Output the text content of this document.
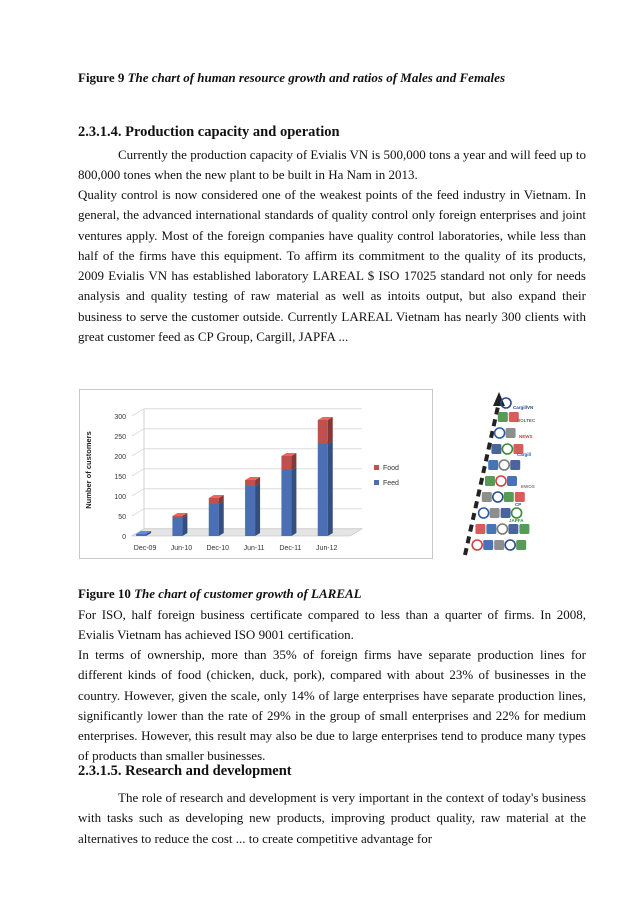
Figure 9 The chart of human resource growth and ratios of Males and Females
2.3.1.4. Production capacity and operation

Currently the production capacity of Evialis VN is 500,000 tons a year and will feed up to 800,000 tones when the new plant to be built in Ha Nam in 2013.

Quality control is now considered one of the weakest points of the feed industry in Vietnam. In general, the advanced international standards of quality control only foreign enterprises and joint ventures apply. Most of the foreign companies have quality control laboratories, while less than half of the firms have this equipment. To affirm its commitment to the quality of its products, 2009 Evialis VN has established laboratory LAREAL $ ISO 17025 standard not only for needs analysis and quality testing of raw material as well as intoits output, but also expand their business to serve the customer outside. Currently LAREAL Vietnam has nearly 300 clients with great customer feed as CP Group, Cargill, JAPFA ...

0
50
100
150
200
250
300
Dec-09 Jun-10 Dec-10 Jun-11 Dec-11 Jun-12
Number of customers	Food
Feed
CargillVN
DOLTEC
NEWS
Cargill
EWOS
CP
JAPFA
Figure 10 The chart of customer growth of LAREAL

For ISO, half foreign business certificate compared to less than a quarter of firms. In 2008, Evialis Vietnam has achieved ISO 9001 certification.

In terms of ownership, more than 35% of foreign firms have separate production lines for different kinds of food (chicken, duck, pork), compared with about 23% of businesses in the country. However, given the scale, only 14% of large enterprises have separate production lines, significantly lower than the rate of 29% in the group of small enterprises and 22% for medium enterprises. However, this result may also be due to large enterprises tend to produce many types of products than smaller businesses.

2.3.1.5. Research and development

The role of research and development is very important in the context of today's business with tasks such as developing new products, improving product quality, raw material at the alternatives to reduce the cost ... to create competitive advantage for
